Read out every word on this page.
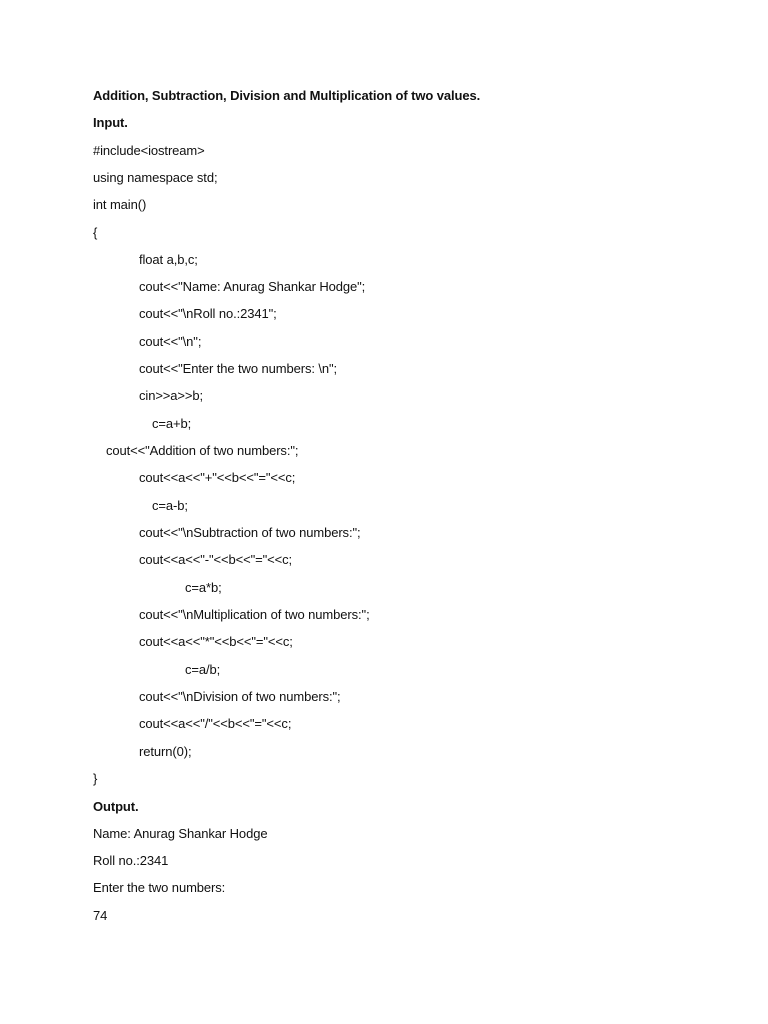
Addition, Subtraction, Division and Multiplication of two values.
Input.
#include<iostream>
using namespace std;
int main()
{
float a,b,c;
cout<<"Name: Anurag Shankar Hodge";
cout<<"\nRoll no.:2341";
cout<<"\n";
cout<<"Enter the two numbers: \n";
cin>>a>>b;
c=a+b;
cout<<"Addition of two numbers:";
cout<<a<<"+"<<b<<"="<<c;
c=a-b;
cout<<"\nSubtraction of two numbers:";
cout<<a<<"-"<<b<<"="<<c;
c=a*b;
cout<<"\nMultiplication of two numbers:";
cout<<a<<"*"<<b<<"="<<c;
c=a/b;
cout<<"\nDivision of two numbers:";
cout<<a<<"/"<<b<<"="<<c;
return(0);
}
Output.
Name: Anurag Shankar Hodge
Roll no.:2341
Enter the two numbers:
74
